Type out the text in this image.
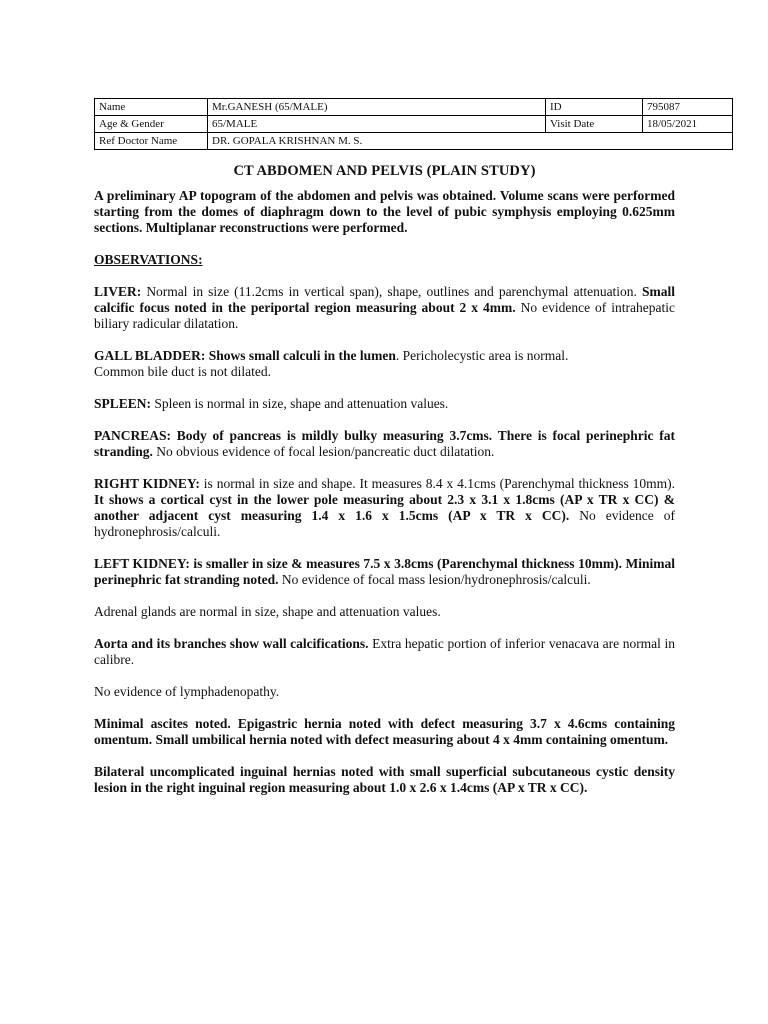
Name	Mr.GANESH (65/MALE)	ID	795087
Age & Gender	65/MALE	Visit Date	18/05/2021
Ref Doctor Name	DR. GOPALA KRISHNAN M. S.		
CT ABDOMEN AND PELVIS (PLAIN STUDY)

A preliminary AP topogram of the abdomen and pelvis was obtained. Volume scans were performed starting from the domes of diaphragm down to the level of pubic symphysis employing 0.625mm sections. Multiplanar reconstructions were performed.

OBSERVATIONS:

LIVER: Normal in size (11.2cms in vertical span), shape, outlines and parenchymal attenuation. Small calcific focus noted in the periportal region measuring about 2 x 4mm. No evidence of intrahepatic biliary radicular dilatation.

GALL BLADDER: Shows small calculi in the lumen. Pericholecystic area is normal.
Common bile duct is not dilated.

SPLEEN: Spleen is normal in size, shape and attenuation values.

PANCREAS: Body of pancreas is mildly bulky measuring 3.7cms. There is focal perinephric fat stranding. No obvious evidence of focal lesion/pancreatic duct dilatation.

RIGHT KIDNEY: is normal in size and shape. It measures 8.4 x 4.1cms (Parenchymal thickness 10mm). It shows a cortical cyst in the lower pole measuring about 2.3 x 3.1 x 1.8cms (AP x TR x CC) & another adjacent cyst measuring 1.4 x 1.6 x 1.5cms (AP x TR x CC). No evidence of hydronephrosis/calculi.

LEFT KIDNEY: is smaller in size & measures 7.5 x 3.8cms (Parenchymal thickness 10mm). Minimal perinephric fat stranding noted. No evidence of focal mass lesion/hydronephrosis/calculi.

Adrenal glands are normal in size, shape and attenuation values.

Aorta and its branches show wall calcifications. Extra hepatic portion of inferior venacava are normal in calibre.

No evidence of lymphadenopathy.

Minimal ascites noted. Epigastric hernia noted with defect measuring 3.7 x 4.6cms containing omentum. Small umbilical hernia noted with defect measuring about 4 x 4mm containing omentum.

Bilateral uncomplicated inguinal hernias noted with small superficial subcutaneous cystic density lesion in the right inguinal region measuring about 1.0 x 2.6 x 1.4cms (AP x TR x CC).
